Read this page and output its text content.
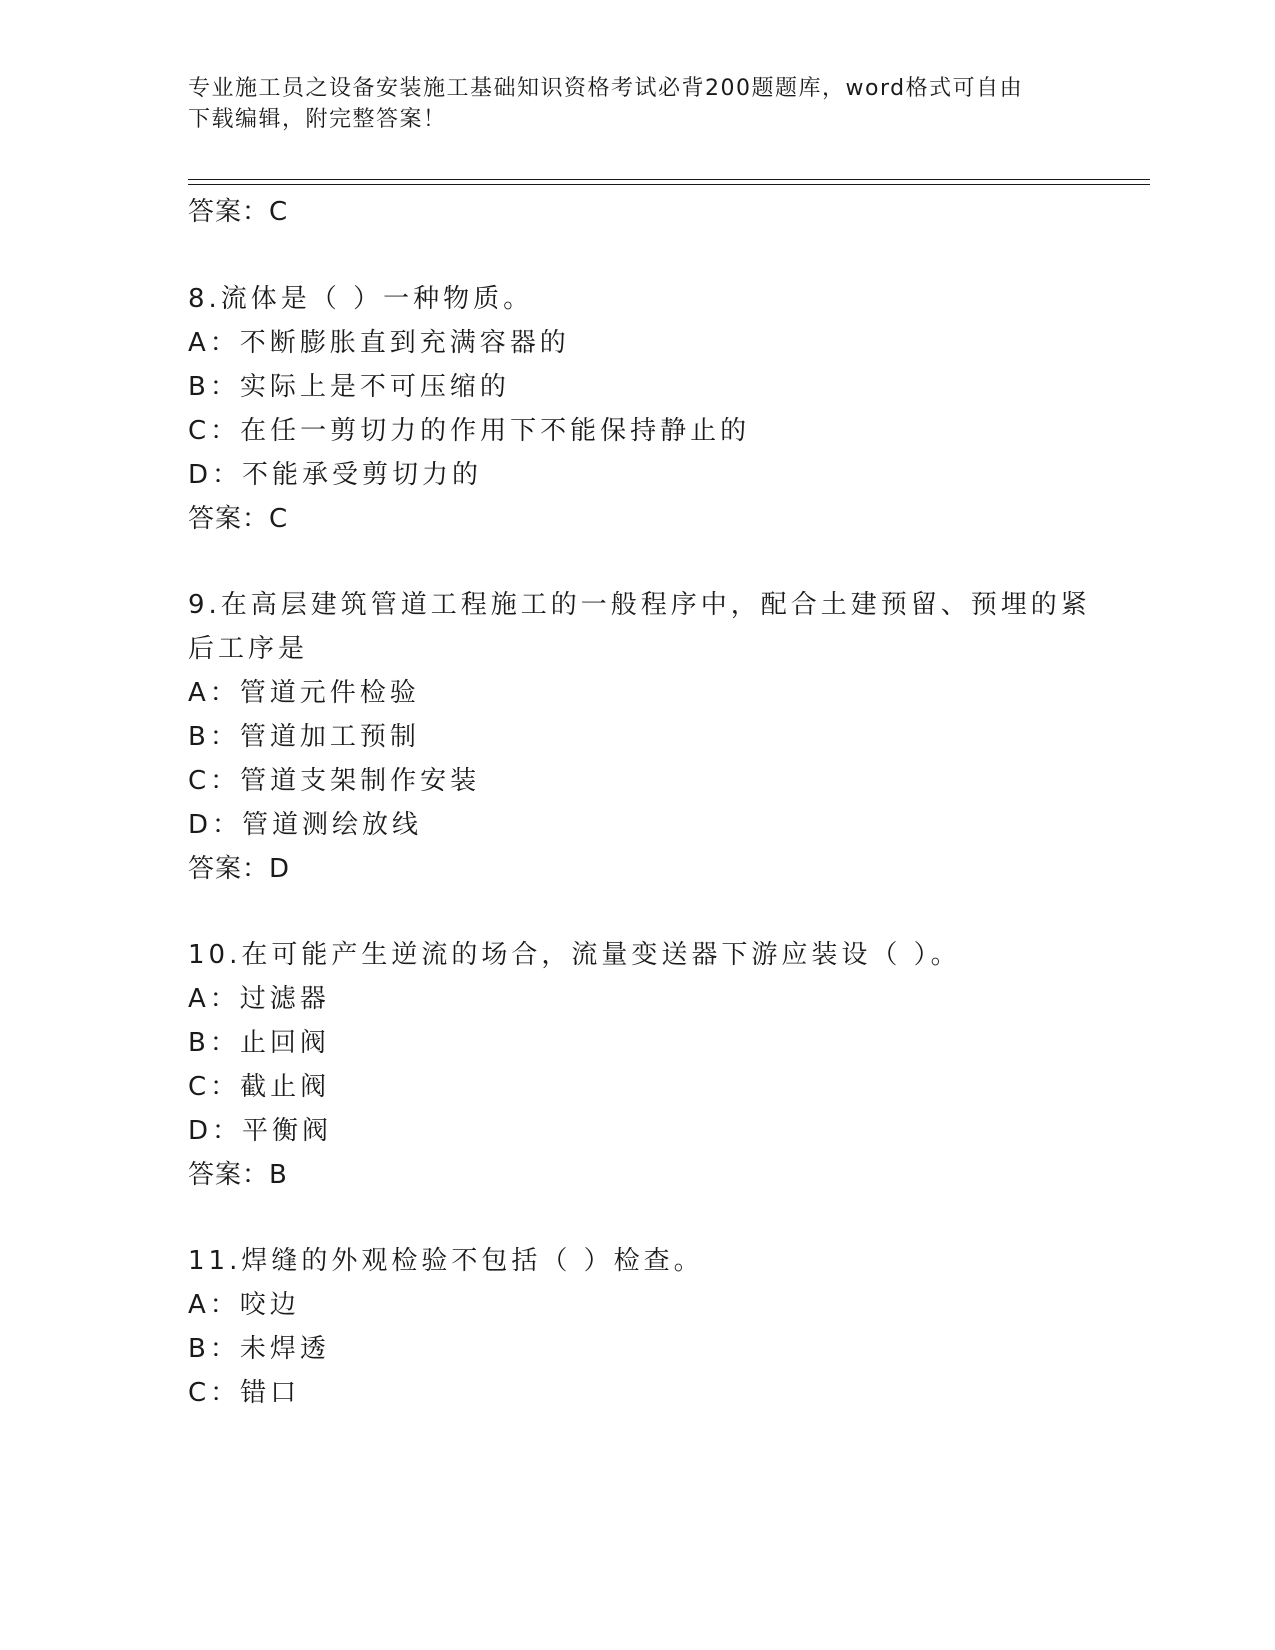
专业施工员之设备安装施工基础知识资格考试必背200题题库，word格式可自由
下载编辑，附完整答案！
答案：C
8.流体是（ ）一种物质。
A：不断膨胀直到充满容器的
B：实际上是不可压缩的
C：在任一剪切力的作用下不能保持静止的
D：不能承受剪切力的
答案：C
9.在高层建筑管道工程施工的一般程序中，配合土建预留、预埋的紧
后工序是
A：管道元件检验
B：管道加工预制
C：管道支架制作安装
D：管道测绘放线
答案：D
10.在可能产生逆流的场合，流量变送器下游应装设（ ）。
A：过滤器
B：止回阀
C：截止阀
D：平衡阀
答案：B
11.焊缝的外观检验不包括（ ）检查。
A：咬边
B：未焊透
C：错口
